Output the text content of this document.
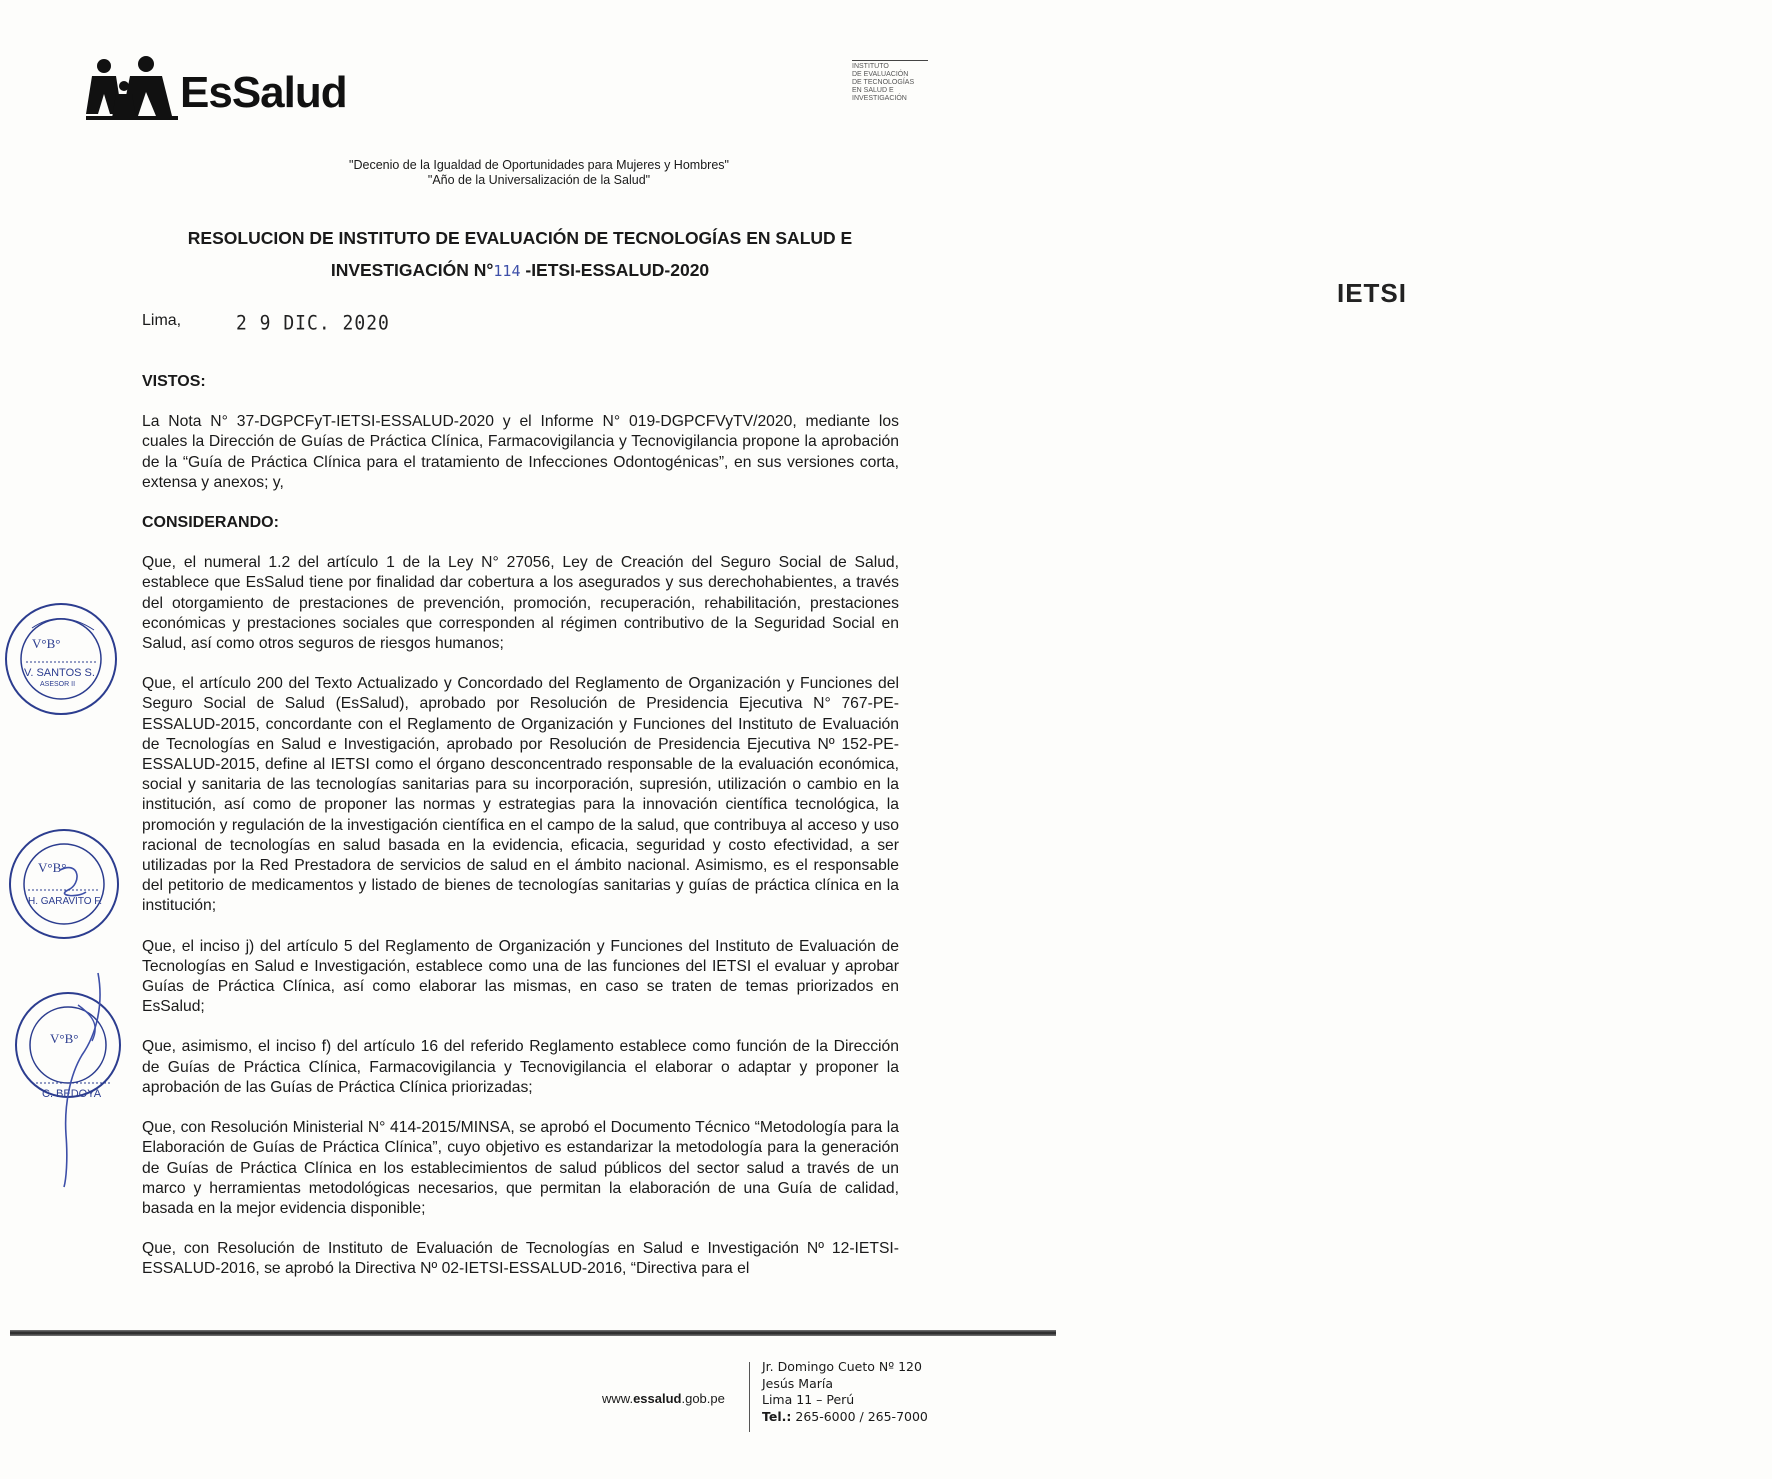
EsSalud
IETSI
INSTITUTO
DE EVALUACIÓN
DE TECNOLOGÍAS
EN SALUD E
INVESTIGACIÓN
"Decenio de la Igualdad de Oportunidades para Mujeres y Hombres"
"Año de la Universalización de la Salud"
RESOLUCION DE INSTITUTO DE EVALUACIÓN DE TECNOLOGÍAS EN SALUD E
INVESTIGACIÓN N°114 -IETSI-ESSALUD-2020
Lima,	2 9 DIC. 2020
VISTOS:

La Nota N° 37-DGPCFyT-IETSI-ESSALUD-2020 y el Informe N° 019-DGPCFVyTV/2020, mediante los cuales la Dirección de Guías de Práctica Clínica, Farmacovigilancia y Tecnovigilancia propone la aprobación de la “Guía de Práctica Clínica para el tratamiento de Infecciones Odontogénicas”, en sus versiones corta, extensa y anexos; y,

CONSIDERANDO:

Que, el numeral 1.2 del artículo 1 de la Ley N° 27056, Ley de Creación del Seguro Social de Salud, establece que EsSalud tiene por finalidad dar cobertura a los asegurados y sus derechohabientes, a través del otorgamiento de prestaciones de prevención, promoción, recuperación, rehabilitación, prestaciones económicas y prestaciones sociales que corresponden al régimen contributivo de la Seguridad Social en Salud, así como otros seguros de riesgos humanos;

Que, el artículo 200 del Texto Actualizado y Concordado del Reglamento de Organización y Funciones del Seguro Social de Salud (EsSalud), aprobado por Resolución de Presidencia Ejecutiva N° 767-PE-ESSALUD-2015, concordante con el Reglamento de Organización y Funciones del Instituto de Evaluación de Tecnologías en Salud e Investigación, aprobado por Resolución de Presidencia Ejecutiva Nº 152-PE-ESSALUD-2015, define al IETSI como el órgano desconcentrado responsable de la evaluación económica, social y sanitaria de las tecnologías sanitarias para su incorporación, supresión, utilización o cambio en la institución, así como de proponer las normas y estrategias para la innovación científica tecnológica, la promoción y regulación de la investigación científica en el campo de la salud, que contribuya al acceso y uso racional de tecnologías en salud basada en la evidencia, eficacia, seguridad y costo efectividad, a ser utilizadas por la Red Prestadora de servicios de salud en el ámbito nacional. Asimismo, es el responsable del petitorio de medicamentos y listado de bienes de tecnologías sanitarias y guías de práctica clínica en la institución;

Que, el inciso j) del artículo 5 del Reglamento de Organización y Funciones del Instituto de Evaluación de Tecnologías en Salud e Investigación, establece como una de las funciones del IETSI el evaluar y aprobar Guías de Práctica Clínica, así como elaborar las mismas, en caso se traten de temas priorizados en EsSalud;

Que, asimismo, el inciso f) del artículo 16 del referido Reglamento establece como función de la Dirección de Guías de Práctica Clínica, Farmacovigilancia y Tecnovigilancia el elaborar o adaptar y proponer la aprobación de las Guías de Práctica Clínica priorizadas;

Que, con Resolución Ministerial N° 414-2015/MINSA, se aprobó el Documento Técnico “Metodología para la Elaboración de Guías de Práctica Clínica”, cuyo objetivo es estandarizar la metodología para la generación de Guías de Práctica Clínica en los establecimientos de salud públicos del sector salud a través de un marco y herramientas metodológicas necesarios, que permitan la elaboración de una Guía de calidad, basada en la mejor evidencia disponible;

Que, con Resolución de Instituto de Evaluación de Tecnologías en Salud e Investigación Nº 12-IETSI-ESSALUD-2016, se aprobó la Directiva Nº 02-IETSI-ESSALUD-2016, “Directiva para el

V°B°
V. SANTOS S.
ASESOR II
V°B°
H. GARAVITO F.
V°B°
C. BEDOYA
www.essalud.gob.pe
Jr. Domingo Cueto Nº 120
Jesús María
Lima 11 – Perú
Tel.: 265-6000 / 265-7000
